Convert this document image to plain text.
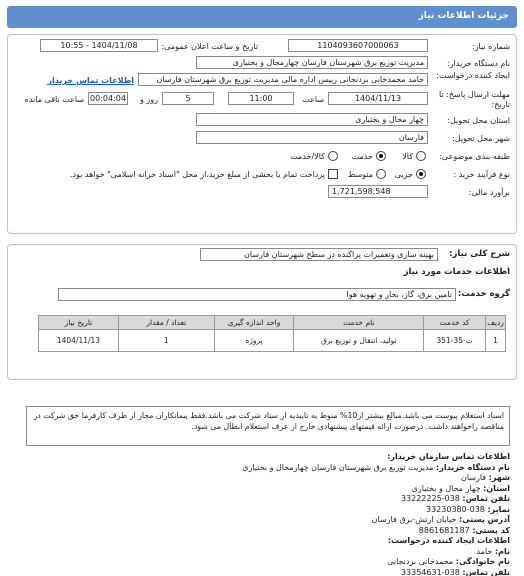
جزئیات اطلاعات نیاز
شماره نیاز:
1104093607000063
تاریخ و ساعت اعلان عمومی:
1404/11/08 - 10:55
نام دستگاه خریدار:
مدیریت توزیع برق شهرستان فارسان چهارمحال و بختیاری
ایجاد کننده درخواست:
جامد محمدخانی بردنجانی رییس اداره مالی مدیریت توزیع برق شهرستان فارسان
اطلاعات تماس خریدار
مهلت ارسال پاسخ: تا تاریخ:
1404/11/13
ساعت
11:00
5
روز و
00:04:04
ساعت باقی مانده
استان محل تحویل:
چهار محال و بختیاری
شهر محل تحویل:
فارسان
طبقه بندی موضوعی:
کالا
خدمت
کالا/خدمت
نوع فرآیند خرید :
جزیی
متوسط
پرداخت تمام یا بخشی از مبلغ خرید،از محل "اسناد خزانه اسلامی" خواهد بود.
برآورد مالی:
1,721,598,548
شرح کلی نیاز:
بهینه سازی وتعمیرات پراکنده در سطح شهرستان فارسان
اطلاعات خدمات مورد نیاز
گروه خدمت:
تامین برق، گاز، بخار و تهویه هوا
ردیف	کد خدمت	نام خدمت	واحد اندازه گیری	تعداد / مقدار	تاریخ نیاز
1	ت-35-351	تولید، انتقال و توزیع برق	پروژه	1	1404/11/13
اسناد استعلام پیوست می باشد.مبالغ بیشتر از10% منوط به تاییدیه از ستاد شرکت می باشد.فقط پیمانکاران مجاز از طرف کارفرما حق شرکت در مناقصه راخواهند داشت. درصورت ارائه قیمتهای پیشنهادی خارج از عرف استعلام ابطال می شود.
اطلاعات تماس سازمان خریدار:
نام دستگاه خریدار: مدیریت توزیع برق شهرستان فارسان چهارمحال و بختیاری
شهر: فارسان
استان: چهار محال و بختیاری
تلفن تماس: 038-33222225
نمابر: 038-33230380
آدرس پستی: خیابان ارتش-برق فارسان
کد پستی: 8861681187
اطلاعات ایجاد کننده درخواست:
نام: حامد
نام خانوادگی: محمدخانی بردنجانی
تلفن تماس: 038-33354631
